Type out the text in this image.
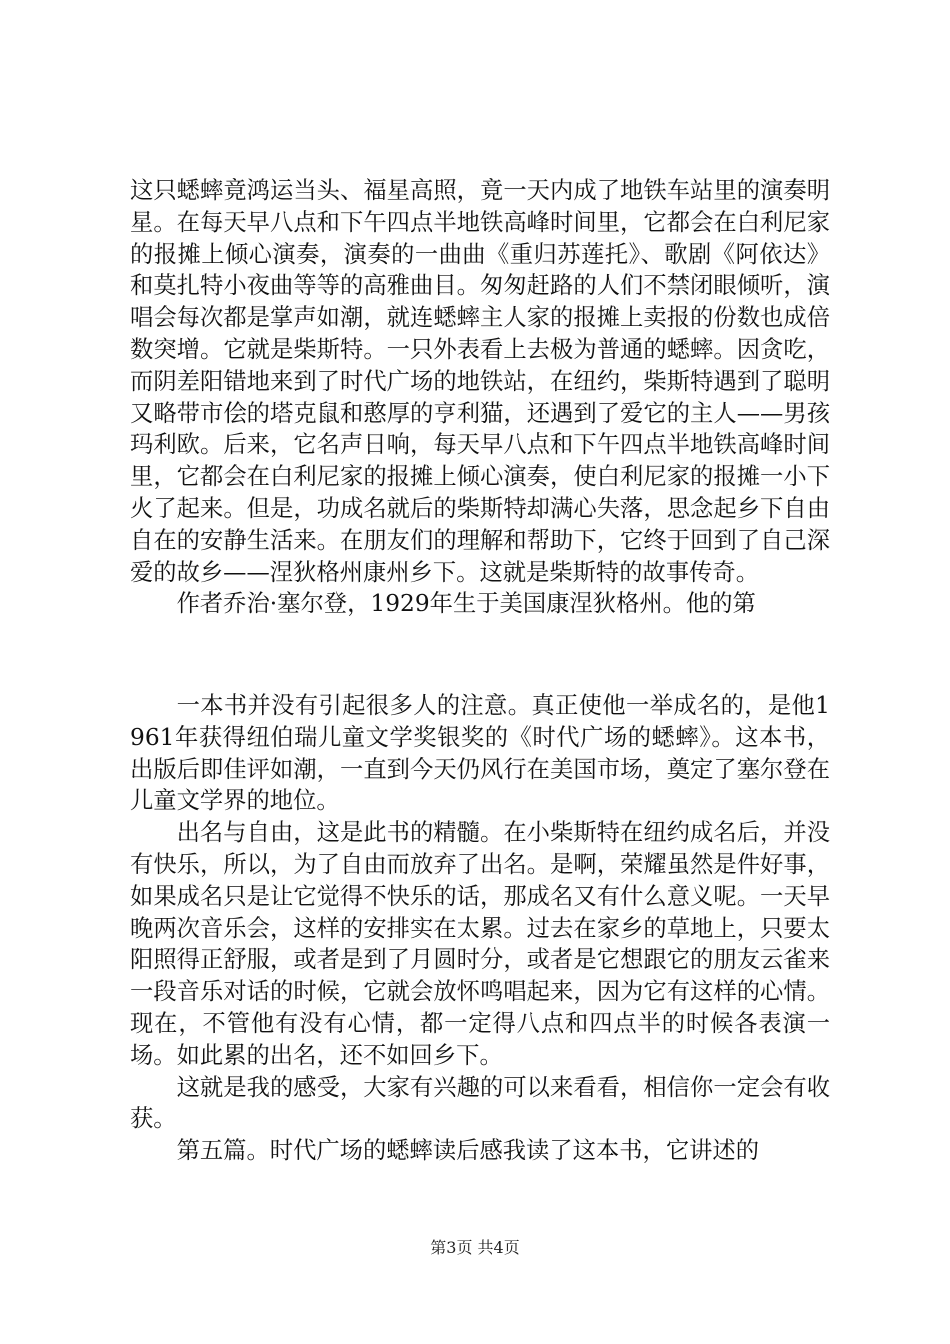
这只蟋蟀竟鸿运当头、福星高照，竟一天内成了地铁车站里的演奏明星。在每天早八点和下午四点半地铁高峰时间里，它都会在白利尼家的报摊上倾心演奏，演奏的一曲曲《重归苏莲托》、歌剧《阿依达》和莫扎特小夜曲等等的高雅曲目。匆匆赶路的人们不禁闭眼倾听，演唱会每次都是掌声如潮，就连蟋蟀主人家的报摊上卖报的份数也成倍数突增。它就是柴斯特。一只外表看上去极为普通的蟋蟀。因贪吃，而阴差阳错地来到了时代广场的地铁站，在纽约，柴斯特遇到了聪明又略带市侩的塔克鼠和憨厚的亨利猫，还遇到了爱它的主人——男孩玛利欧。后来，它名声日响，每天早八点和下午四点半地铁高峰时间里，它都会在白利尼家的报摊上倾心演奏，使白利尼家的报摊一小下火了起来。但是，功成名就后的柴斯特却满心失落，思念起乡下自由自在的安静生活来。在朋友们的理解和帮助下，它终于回到了自己深爱的故乡——涅狄格州康州乡下。这就是柴斯特的故事传奇。

作者乔治·塞尔登，1929年生于美国康涅狄格州。他的第

一本书并没有引起很多人的注意。真正使他一举成名的，是他1961年获得纽伯瑞儿童文学奖银奖的《时代广场的蟋蟀》。这本书，出版后即佳评如潮，一直到今天仍风行在美国市场，奠定了塞尔登在儿童文学界的地位。

出名与自由，这是此书的精髓。在小柴斯特在纽约成名后，并没有快乐，所以，为了自由而放弃了出名。是啊，荣耀虽然是件好事，如果成名只是让它觉得不快乐的话，那成名又有什么意义呢。一天早晚两次音乐会，这样的安排实在太累。过去在家乡的草地上，只要太阳照得正舒服，或者是到了月圆时分，或者是它想跟它的朋友云雀来一段音乐对话的时候，它就会放怀鸣唱起来，因为它有这样的心情。现在，不管他有没有心情，都一定得八点和四点半的时候各表演一场。如此累的出名，还不如回乡下。

这就是我的感受，大家有兴趣的可以来看看，相信你一定会有收获。

第五篇。时代广场的蟋蟀读后感我读了这本书，它讲述的

第3页 共4页
